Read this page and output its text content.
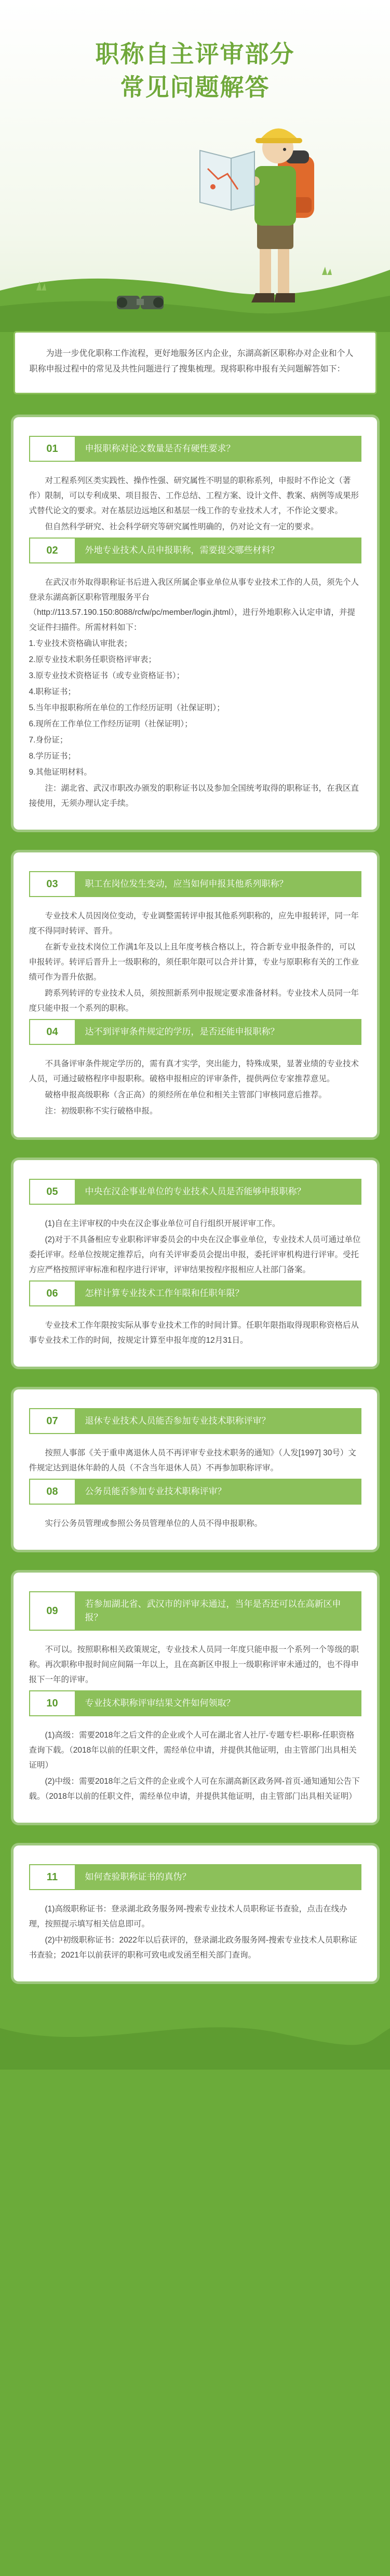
职称自主评审部分
常见问题解答

为进一步优化职称工作流程，更好地服务区内企业，东湖高新区职称办对企业和个人职称申报过程中的常见及共性问题进行了搜集梳理。现将职称申报有关问题解答如下：

01	申报职称对论文数量是否有硬性要求？

对工程系列区类实践性、操作性强、研究属性不明显的职称系列，申报时不作论文（著作）限制，可以专利成果、项目报告、工作总结、工程方案、设计文件、教案、病例等成果形式替代论文的要求。对在基层边远地区和基层一线工作的专业技术人才，不作论文要求。

但自然科学研究、社会科学研究等研究属性明确的，仍对论文有一定的要求。

02	外地专业技术人员申报职称，需要提交哪些材料？

在武汉市外取得职称证书后进入我区所属企事业单位从事专业技术工作的人员，须先个人登录东湖高新区职称管理服务平台（http://113.57.190.150:8088/rcfw/pc/member/login.jhtml），进行外地职称入认定申请，并提交证件扫描件。所需材料如下：

1.专业技术资格确认审批表；

2.原专业技术职务任职资格评审表；

3.原专业技术资格证书（或专业资格证书）；

4.职称证书；

5.当年申报职称所在单位的工作经历证明（社保证明）；

6.现所在工作单位工作经历证明（社保证明）；

7.身份证；

8.学历证书；

9.其他证明材料。

注：湖北省、武汉市职改办颁发的职称证书以及参加全国统考取得的职称证书，在我区直接使用，无须办理认定手续。

03	职工在岗位发生变动，应当如何申报其他系列职称？

专业技术人员因岗位变动，专业调整需转评申报其他系列职称的，应先申报转评，同一年度不得同时转评、晋升。

在新专业技术岗位工作满1年及以上且年度考核合格以上，符合新专业申报条件的，可以申报转评。转评后晋升上一级职称的，须任职年限可以合并计算，专业与原职称有关的工作业绩可作为晋升依据。

跨系列转评的专业技术人员，须按照新系列申报规定要求准备材料。专业技术人员同一年度只能申报一个系列的职称。

04	达不到评审条件规定的学历，是否还能申报职称？

不具备评审条件规定学历的，需有真才实学，突出能力，特殊成果，显著业绩的专业技术人员，可通过破格程序申报职称。破格申报相应的评审条件，提供两位专家推荐意见。

破格申报高级职称（含正高）的须经所在单位和相关主管部门审核同意后推荐。

注：初级职称不实行破格申报。

05	中央在汉企事业单位的专业技术人员是否能够申报职称？

(1)自在主评审权的中央在汉企事业单位可自行组织开展评审工作。

(2)对于不具备相应专业职称评审委员会的中央在汉企事业单位，专业技术人员可通过单位委托评审。经单位按规定推荐后，向有关评审委员会提出申报，委托评审机构进行评审。受托方应严格按照评审标准和程序进行评审，评审结果按程序报相应人社部门备案。

06	怎样计算专业技术工作年限和任职年限？

专业技术工作年限按实际从事专业技术工作的时间计算。任职年限指取得现职称资格后从事专业技术工作的时间，按规定计算至申报年度的12月31日。

07	退休专业技术人员能否参加专业技术职称评审？

按照人事部《关于重申离退休人员不再评审专业技术职务的通知》（人发[1997] 30号）文件规定达到退休年龄的人员（不含当年退休人员）不再参加职称评审。

08	公务员能否参加专业技术职称评审？

实行公务员管理或参照公务员管理单位的人员不得申报职称。

09
若参加湖北省、武汉市的评审未通过，当年是否还可以在高新区申报？

不可以。按照职称相关政策规定，专业技术人员同一年度只能申报一个系列一个等级的职称。再次职称申报时间应间隔一年以上，且在高新区申报上一级职称评审未通过的，也不得申报下一年的评审。

10	专业技术职称评审结果文件如何领取？

(1)高级：需要2018年之后文件的企业或个人可在湖北省人社厅-专题专栏-职称-任职资格查询下载。（2018年以前的任职文件，需经单位申请，并提供其他证明，由主管部门出具相关证明）

(2)中级：需要2018年之后文件的企业或个人可在东湖高新区政务网-首页-通知通知公告下载。（2018年以前的任职文件，需经单位申请，并提供其他证明，由主管部门出具相关证明）

11	如何查验职称证书的真伪？

(1)高级职称证书：登录湖北政务服务网-搜索专业技术人员职称证书查验，点击在线办理，按照提示填写相关信息即可。

(2)中初级职称证书：2022年以后获评的，登录湖北政务服务网-搜索专业技术人员职称证书查验；2021年以前获评的职称可致电或发函至相关部门查询。
